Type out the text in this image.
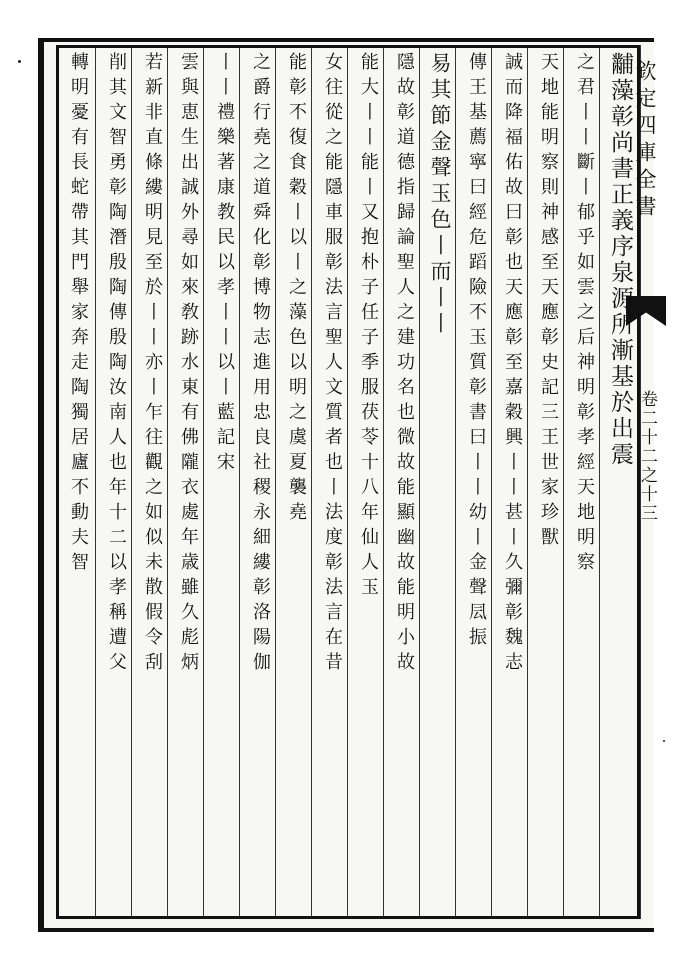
欽定四庫全書
卷二十二之十三
黼藻彰尚書正義序泉源所漸基於出震
之君丨丨斷丨郁乎如雲之后神明彰孝經天地明察
天地能明察則神感至天應彰史記三王世家珍獸
誠而降福佑故曰彰也天應彰至嘉穀興丨丨甚丨久彌彰魏志
傳王基薦寧曰經危蹈險不玉質彰書曰丨丨幼丨金聲凨振
易其節金聲玉色丨而丨丨
隱故彰道德指歸論聖人之建功名也微故能顯幽故能明小故
能大丨丨能丨又抱朴子任子季服茯苓十八年仙人玉
女往從之能隱車服彰法言聖人文質者也丨法度彰法言在昔
能彰不復食穀丨以丨之藻色以明之虞夏襲堯
之爵行堯之道舜化彰博物志進用忠良社稷永細縷彰洛陽伽
丨丨禮樂著康教民以孝丨丨以丨藍記宋
雲與恵生出誠外尋如來敎跡水東有佛隴衣處年歳雖久彪炳
若新非直條縷明見至於丨丨亦丨乍往觀之如似未散假令刮
削其文智勇彰陶潛殷陶傳殷陶汝南人也年十二以孝稱遭父
轉明憂有長蛇帶其門舉家奔走陶獨居廬不動夫智
